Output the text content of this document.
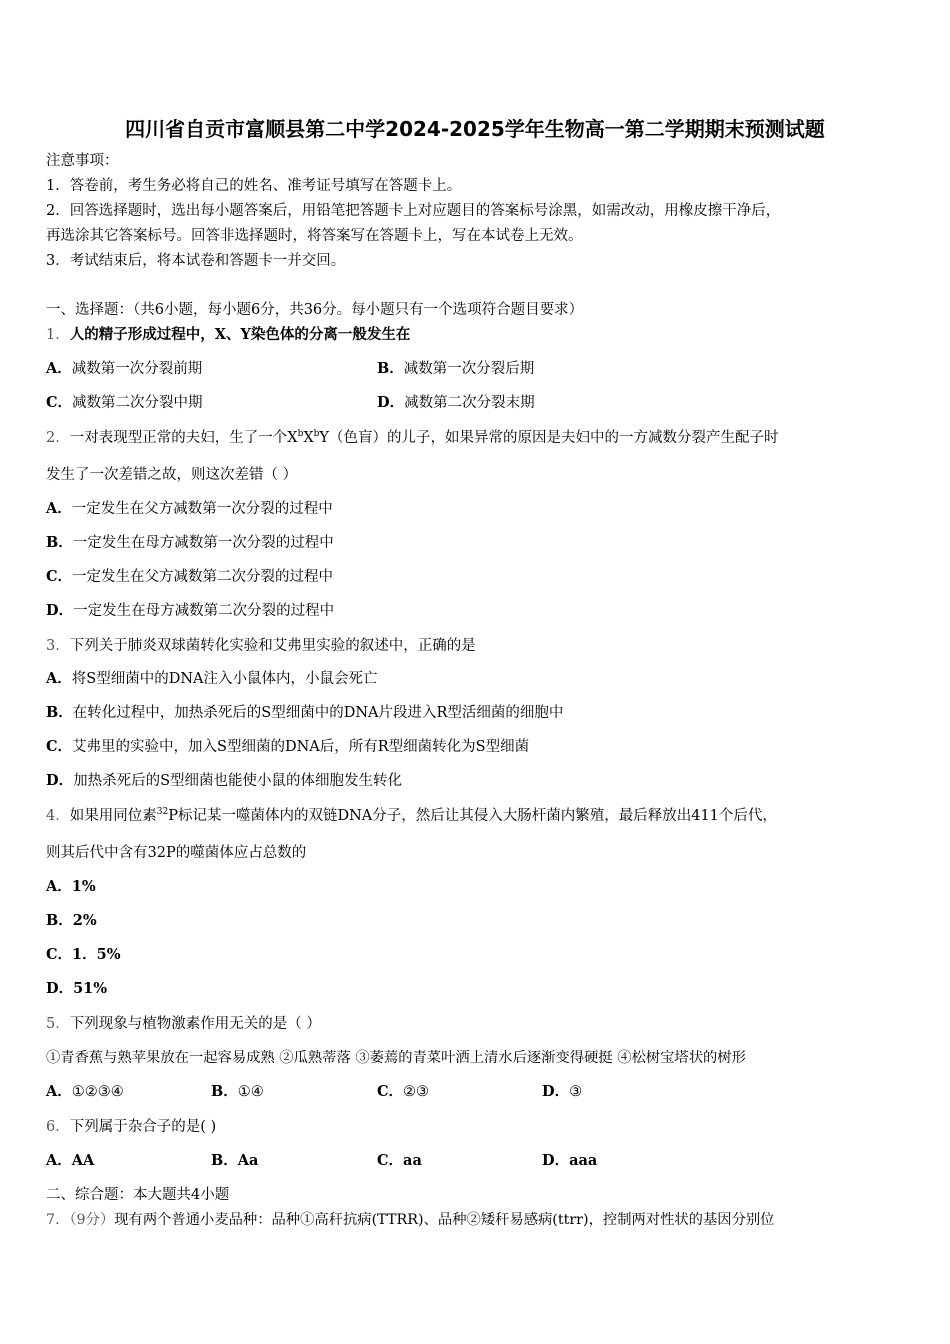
四川省自贡市富顺县第二中学2024-2025学年生物高一第二学期期末预测试题
注意事项：
1．答卷前，考生务必将自己的姓名、准考证号填写在答题卡上。
2．回答选择题时，选出每小题答案后，用铅笔把答题卡上对应题目的答案标号涂黑，如需改动，用橡皮擦干净后，
再选涂其它答案标号。回答非选择题时，将答案写在答题卡上，写在本试卷上无效。
3．考试结束后，将本试卷和答题卡一并交回。
一、选择题：（共6小题，每小题6分，共36分。每小题只有一个选项符合题目要求）
1．人的精子形成过程中，X、Y染色体的分离一般发生在
A．减数第一次分裂前期	B．减数第一次分裂后期
C．减数第二次分裂中期	D．减数第二次分裂末期
2．一对表现型正常的夫妇，生了一个$X^bX^bY$（色盲）的儿子，如果异常的原因是夫妇中的一方减数分裂产生配子时
发生了一次差错之故，则这次差错（ ）
A．一定发生在父方减数第一次分裂的过程中
B．一定发生在母方减数第一次分裂的过程中
C．一定发生在父方减数第二次分裂的过程中
D．一定发生在母方减数第二次分裂的过程中
3．下列关于肺炎双球菌转化实验和艾弗里实验的叙述中，正确的是
A．将S型细菌中的DNA注入小鼠体内，小鼠会死亡
B．在转化过程中，加热杀死后的S型细菌中的DNA片段进入R型活细菌的细胞中
C．艾弗里的实验中，加入S型细菌的DNA后，所有R型细菌转化为S型细菌
D．加热杀死后的S型细菌也能使小鼠的体细胞发生转化
4．如果用同位素$^{32}$P标记某一噬菌体内的双链DNA分子，然后让其侵入大肠杆菌内繁殖，最后释放出411个后代，
则其后代中含有32P的噬菌体应占总数的
A．1%
B．2%
C．1．5%
D．51%
5．下列现象与植物激素作用无关的是（ ）
①青香蕉与熟苹果放在一起容易成熟 ②瓜熟蒂落 ③萎蔫的青菜叶洒上清水后逐渐变得硬挺 ④松树宝塔状的树形
A．①②③④	B．①④	C．②③	D．③
6．下列属于杂合子的是( )
A．AA	B．Aa	C．aa	D．aaa
二、综合题：本大题共4小题
7．（9分）现有两个普通小麦品种：品种①高秆抗病(TTRR)、品种②矮秆易感病(ttrr)，控制两对性状的基因分别位
